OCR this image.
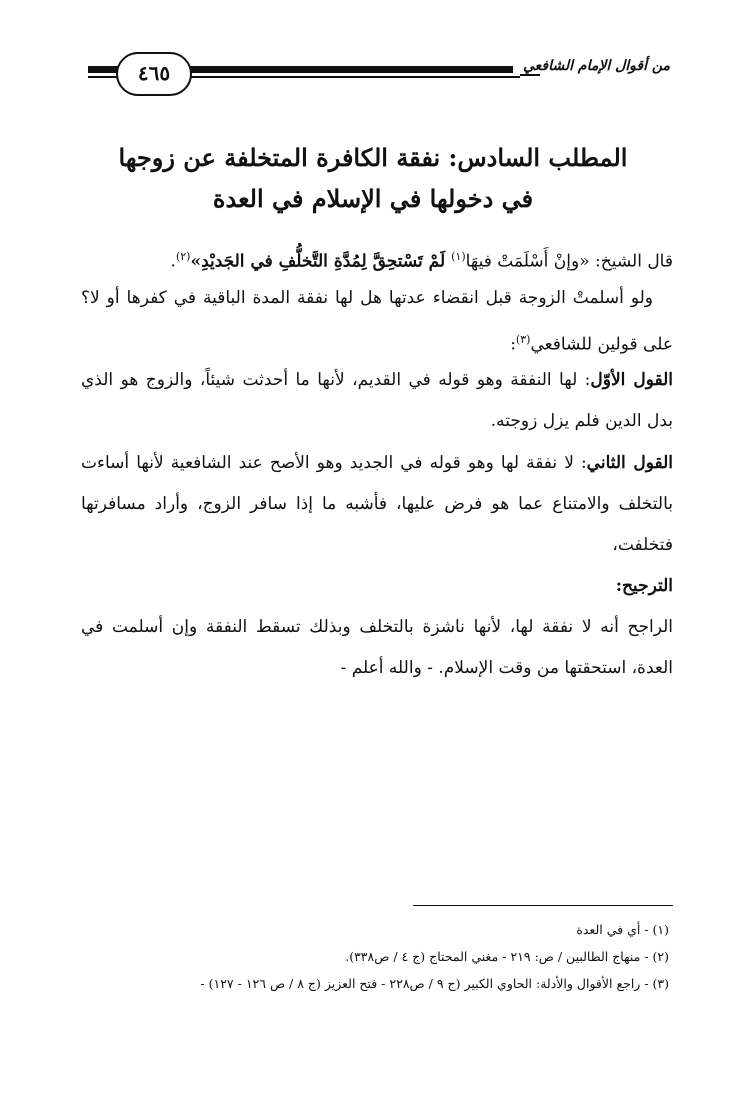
من أقوال الإمام الشافعي
٤٦٥
المطلب السادس: نفقة الكافرة المتخلفة عن زوجها
في دخولها في الإسلام في العدة
قال الشيخ: «وإنْ أَسْلَمَتْ فيهَا$^{(١)}$ لَمْ تَسْتحِقَّ لِمُدَّةِ التَّخلُّفِ في الجَديْدِ»$^{(٢)}$.
ولو أسلمتْ الزوجة قبل انقضاء عدتها هل لها نفقة المدة الباقية في كفرها أو لا؟ على قولين للشافعي$^{(٣)}$:
القول الأوّل: لها النفقة وهو قوله في القديم، لأنها ما أحدثت شيئاً، والزوج هو الذي بدل الدين فلم يزل زوجته.
القول الثاني: لا نفقة لها وهو قوله في الجديد وهو الأصح عند الشافعية لأنها أساءت بالتخلف والامتناع عما هو فرض عليها، فأشبه ما إذا سافر الزوج، وأراد مسافرتها فتخلفت،
الترجيح:
الراجح أنه لا نفقة لها، لأنها ناشزة بالتخلف وبذلك تسقط النفقة وإن أسلمت في العدة، استحقتها من وقت الإسلام. - والله أعلم -
(١) - أي في العدة
(٢) - منهاج الطالبين / ص: ٢١٩ - مغني المحتاج (ج ٤ / ص٣٣٨).
(٣) - راجع الأقوال والأدلة: الحاوي الكبير (ج ٩ / ص٢٢٨ - فتح العزيز (ج ٨ / ص ١٢٦ - ١٢٧) -
